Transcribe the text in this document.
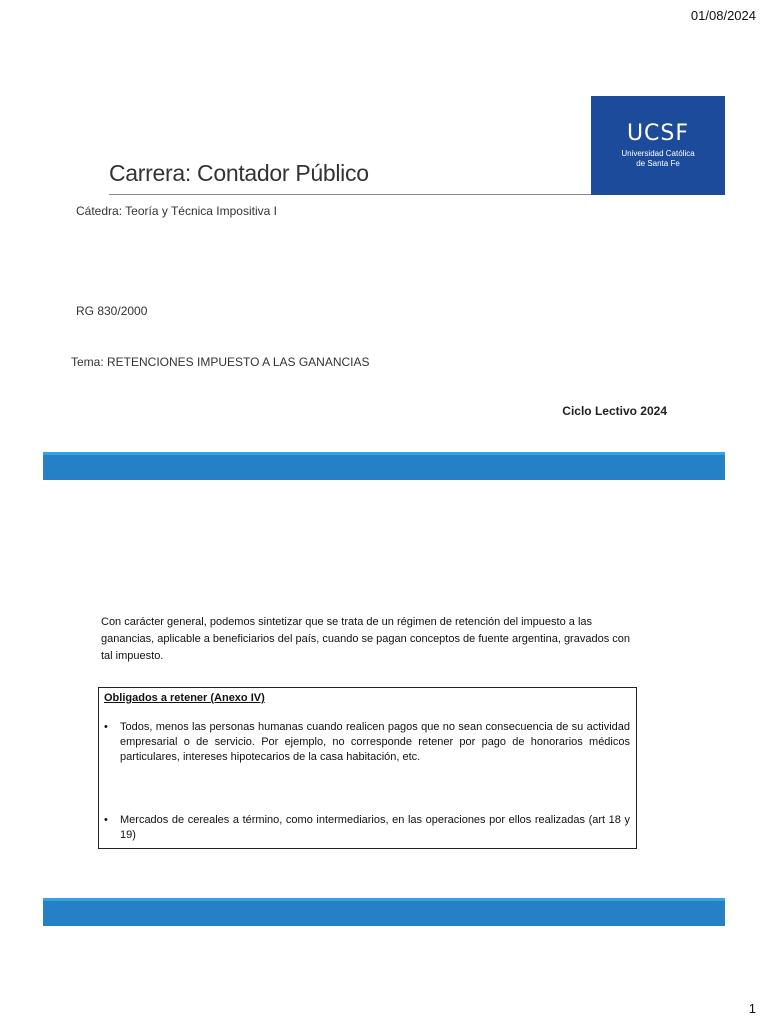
01/08/2024
UCSF
Universidad Católica
de Santa Fe
Carrera: Contador Público
Cátedra: Teoría y Técnica Impositiva I
RG 830/2000
Tema: RETENCIONES IMPUESTO A LAS GANANCIAS
Ciclo Lectivo 2024

Con carácter general, podemos sintetizar que se trata de un régimen de retención del impuesto a las ganancias, aplicable a beneficiarios del país, cuando se pagan conceptos de fuente argentina, gravados con tal impuesto.

Obligados a retener (Anexo IV)
• Todos, menos las personas humanas cuando realicen pagos que no sean consecuencia de su actividad empresarial o de servicio. Por ejemplo, no corresponde retener por pago de honorarios médicos particulares, intereses hipotecarios de la casa habitación, etc.
• Mercados de cereales a término, como intermediarios, en las operaciones por ellos realizadas (art 18 y 19)
1
